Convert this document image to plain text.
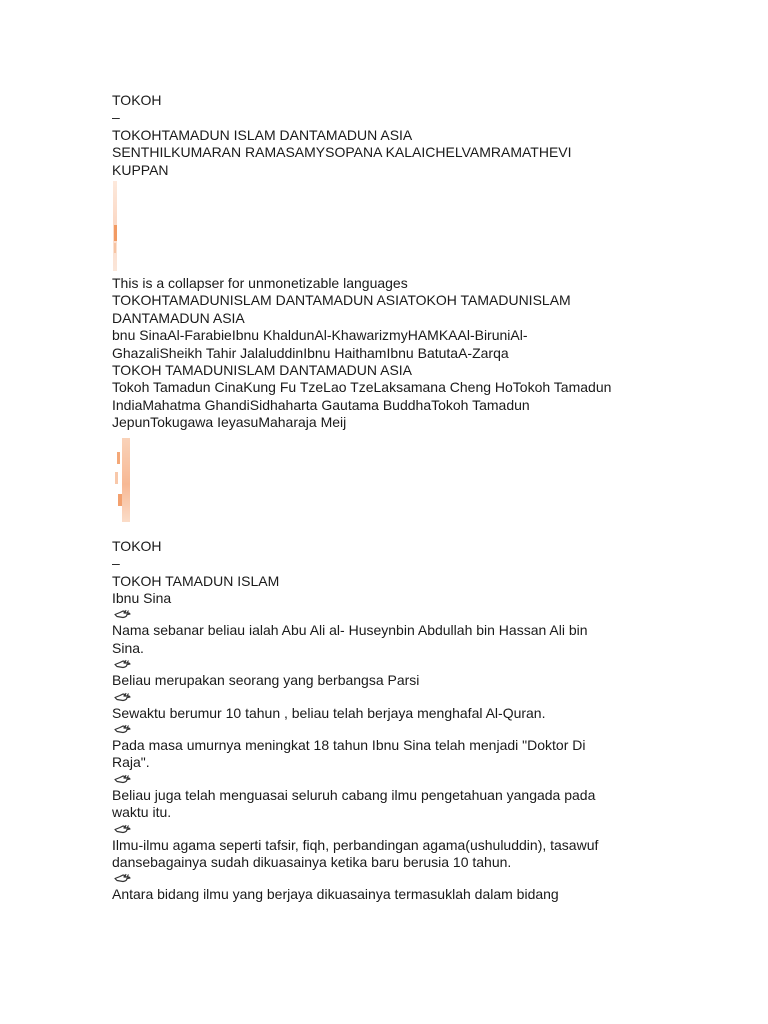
TOKOH
–
TOKOHTAMADUN ISLAM DANTAMADUN ASIA
SENTHILKUMARAN RAMASAMYSOPANA KALAICHELVAMRAMATHEVI
KUPPAN
This is a collapser for unmonetizable languages
TOKOHTAMADUNISLAM DANTAMADUN ASIATOKOH TAMADUNISLAM
DANTAMADUN ASIA
bnu SinaAl-FarabieIbnu KhaldunAl-KhawarizmyHAMKAAl-BiruniAl-
GhazaliSheikh Tahir JalaluddinIbnu HaithamIbnu BatutaA-Zarqa
TOKOH TAMADUNISLAM DANTAMADUN ASIA
Tokoh Tamadun CinaKung Fu TzeLao TzeLaksamana Cheng HoTokoh Tamadun
IndiaMahatma GhandiSidhaharta Gautama BuddhaTokoh Tamadun
JepunTokugawa IeyasuMaharaja Meij
TOKOH
–
TOKOH TAMADUN ISLAM
Ibnu Sina
Nama sebanar beliau ialah Abu Ali al- Huseynbin Abdullah bin Hassan Ali bin
Sina.
Beliau merupakan seorang yang berbangsa Parsi
Sewaktu berumur 10 tahun , beliau telah berjaya menghafal Al-Quran.
Pada masa umurnya meningkat 18 tahun Ibnu Sina telah menjadi "Doktor Di
Raja".
Beliau juga telah menguasai seluruh cabang ilmu pengetahuan yangada pada
waktu itu.
Ilmu-ilmu agama seperti tafsir, fiqh, perbandingan agama(ushuluddin), tasawuf
dansebagainya sudah dikuasainya ketika baru berusia 10 tahun.
Antara bidang ilmu yang berjaya dikuasainya termasuklah dalam bidang
